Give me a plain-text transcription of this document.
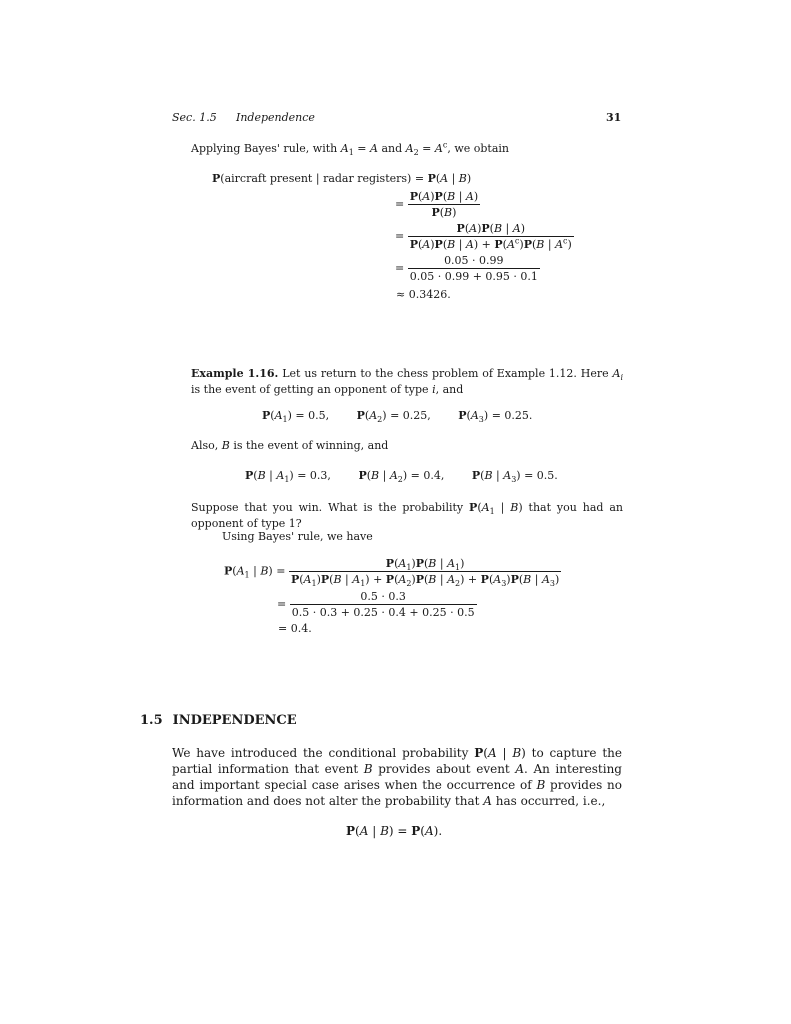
Sec. 1.5 Independence	31
Applying Bayes' rule, with $A_1 = A$ and $A_2 = A^c$, we obtain
P(aircraft present | radar registers) = P(A | B)
= $\frac{P(A)P(B | A)}{P(B)}$
= $\frac{P(A)P(B | A)}{P(A)P(B | A) + P(A^c)P(B | A^c)}$
= $\frac{0.05 \cdot 0.99}{0.05 \cdot 0.99 + 0.95 \cdot 0.1}$
≈ 0.3426.
Example 1.16. Let us return to the chess problem of Example 1.12. Here $A_i$ is the event of getting an opponent of type i, and
$P(A_1) = 0.5$,	$P(A_2) = 0.25$,	$P(A_3) = 0.25$.
Also, B is the event of winning, and
P(B | $A_1) = 0.3$,	P(B | $A_2) = 0.4$,	P(B | $A_3) = 0.5$.
Suppose that you win. What is the probability $P(A_1$ | B) that you had an opponent of type 1?
Using Bayes' rule, we have
$P(A_1$ | $B) = \frac{P(A_1)P(B | A_1)}{P(A_1)P(B | A_1) + P(A_2)P(B | A_2) + P(A_3)P(B | A_3)}$
= $\frac{0.5 \cdot 0.3}{0.5 \cdot 0.3 + 0.25 \cdot 0.4 + 0.25 \cdot 0.5}$
= 0.4.
1.5 INDEPENDENCE
We have introduced the conditional probability P(A | B) to capture the partial information that event B provides about event A. An interesting and important special case arises when the occurrence of B provides no information and does not alter the probability that A has occurred, i.e.,
P(A | B) = P(A).
